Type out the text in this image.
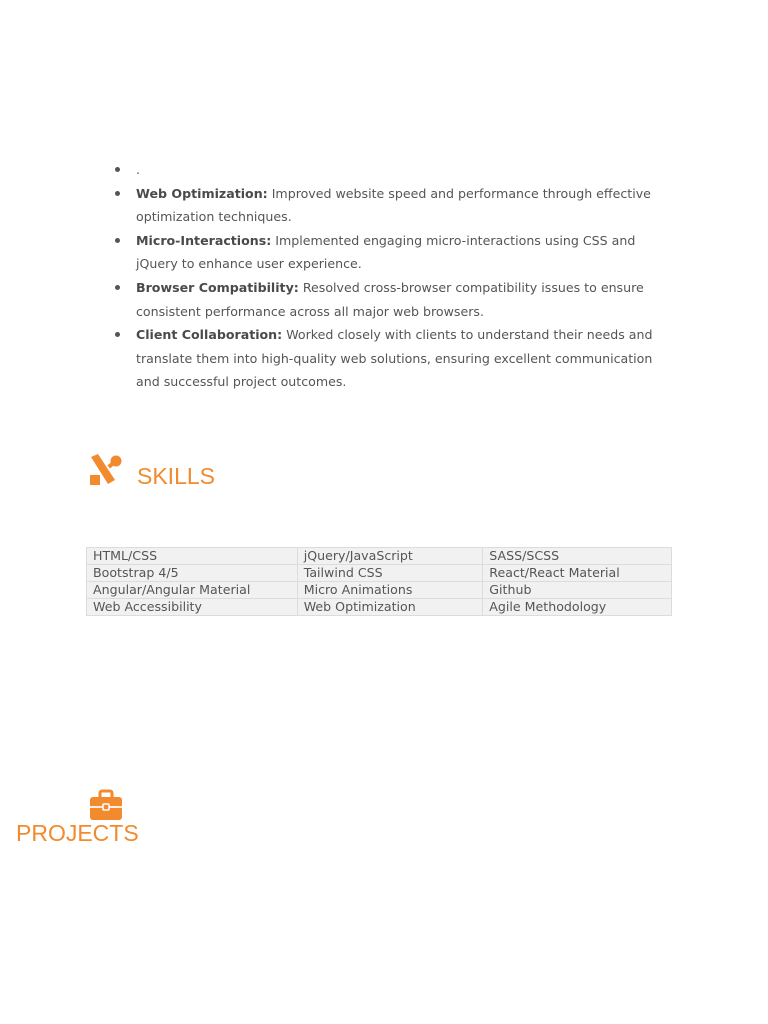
.
Web Optimization: Improved website speed and performance through effective optimization techniques.
Micro-Interactions: Implemented engaging micro-interactions using CSS and jQuery to enhance user experience.
Browser Compatibility: Resolved cross-browser compatibility issues to ensure consistent performance across all major web browsers.
Client Collaboration: Worked closely with clients to understand their needs and translate them into high-quality web solutions, ensuring excellent communication and successful project outcomes.
SKILLS
HTML/CSS	jQuery/JavaScript	SASS/SCSS
Bootstrap 4/5	Tailwind CSS	React/React Material
Angular/Angular Material	Micro Animations	Github
Web Accessibility	Web Optimization	Agile Methodology
PROJECTS
